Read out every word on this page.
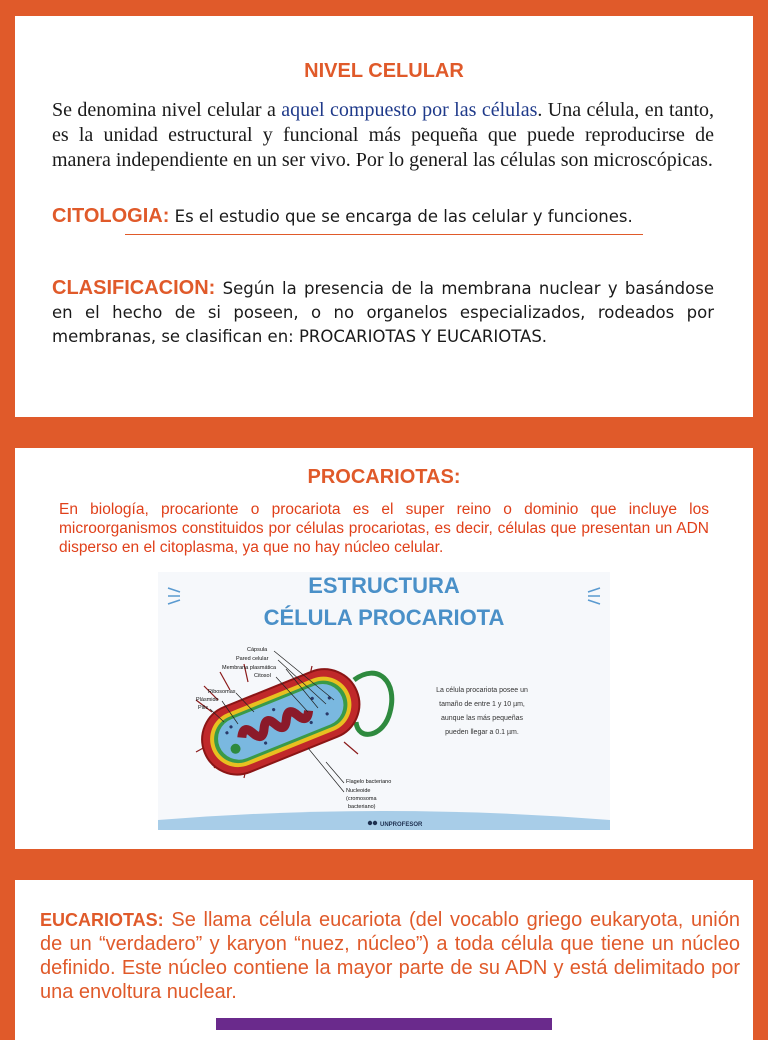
NIVEL CELULAR
Se denomina nivel celular a aquel compuesto por las células. Una célula, en tanto, es la unidad estructural y funcional más pequeña que puede reproducirse de manera independiente en un ser vivo. Por lo general las células son microscópicas.
CITOLOGIA: Es el estudio que se encarga de las celular y funciones.
CLASIFICACION: Según la presencia de la membrana nuclear y basándose en el hecho de si poseen, o no organelos especializados, rodeados por membranas, se clasifican en: PROCARIOTAS Y EUCARIOTAS.
PROCARIOTAS:
En biología, procarionte o procariota es el super reino o dominio que incluye los microorganismos constituidos por células procariotas, es decir, células que presentan un ADN disperso en el citoplasma, ya que no hay núcleo celular.
ESTRUCTURA
CÉLULA PROCARIOTA
Cápsula
Pared celular
Membrana plasmática
Citosol
Ribosomas
Plásmido
Pilis
Flagelo bacteriano
Nucleoide
(cromosoma
bacteriano)
La célula procariota posee un
tamaño de entre 1 y 10 µm,
aunque las más pequeñas
pueden llegar a 0.1 µm.
UNPROFESOR
EUCARIOTAS: Se llama célula eucariota (del vocablo griego eukaryota, unión de un “verdadero” y karyon “nuez, núcleo”) a toda célula que tiene un núcleo definido. Este núcleo contiene la mayor parte de su ADN y está delimitado por una envoltura nuclear.
